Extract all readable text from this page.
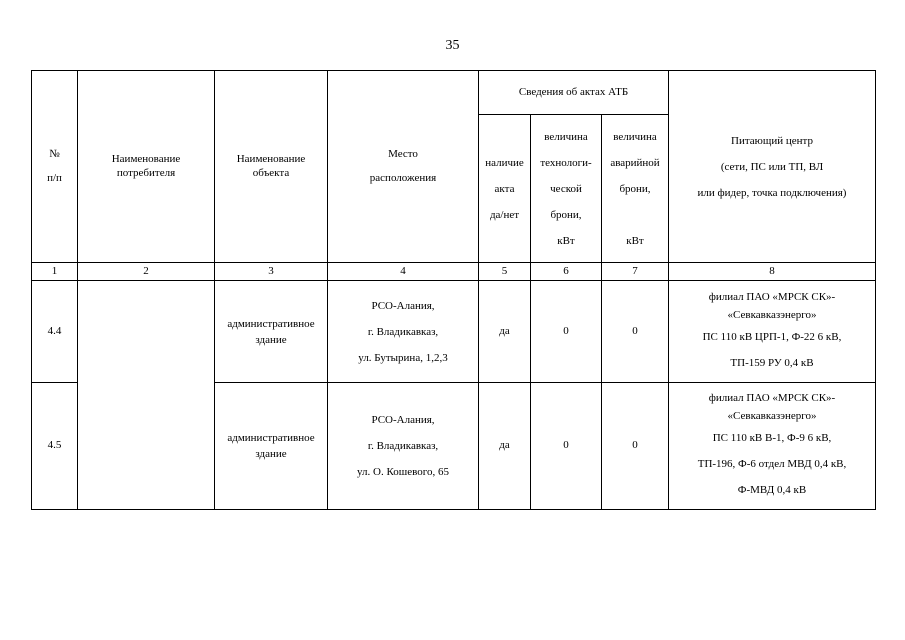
35
№
п/п	Наименование
потребителя	Наименование
объекта	Место
расположения	Сведения об актах АТБ			Питающий центр
(сети, ПС или ТП, ВЛ
или фидер, точка подключения)

				наличие
акта
да/нет	величина
технологи-
ческой
брони,
кВт	величина
аварийной
брони,
кВт	

1	2	3	4	5	6	7	8
4.4		административное
здание	РСО-Алания,
г. Владикавказ,
ул. Бутырина, 1,2,3	да	0	0	филиал ПАО «МРСК СК»-
«Севкавказэнерго»
ПС 110 кВ ЦРП-1, Ф-22 6 кВ,
ТП-159 РУ 0,4 кВ

4.5		административное
здание	РСО-Алания,
г. Владикавказ,
ул. О. Кошевого, 65	да	0	0	филиал ПАО «МРСК СК»-
«Севкавказэнерго»
ПС 110 кВ В-1, Ф-9 6 кВ,
ТП-196, Ф-6 отдел МВД 0,4 кВ,
Ф-МВД 0,4 кВ
